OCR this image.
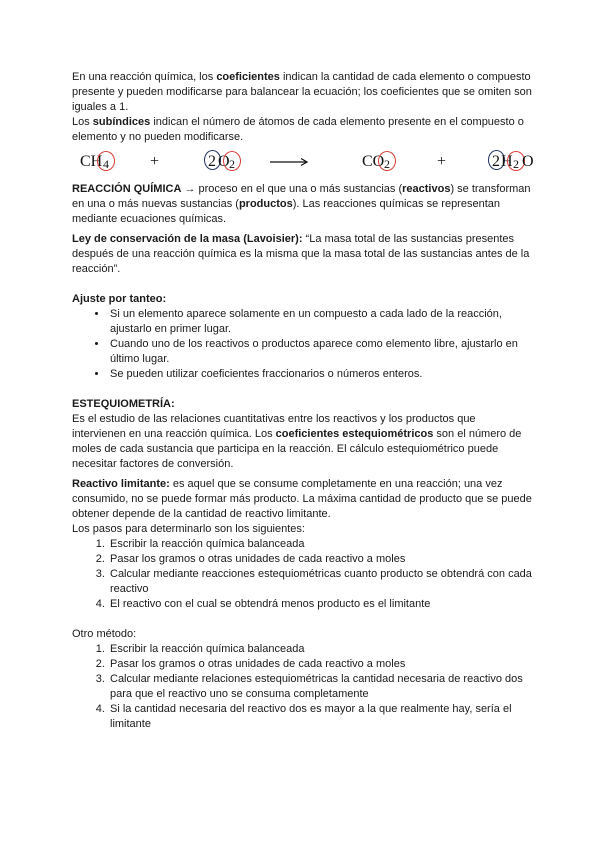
En una reacción química, los coeficientes indican la cantidad de cada elemento o compuesto presente y pueden modificarse para balancear la ecuación; los coeficientes que se omiten son iguales a 1.

Los subíndices indican el número de átomos de cada elemento presente en el compuesto o elemento y no pueden modificarse.

CH 4	+	2 O 2	CO 2	+	2 H 2 O

REACCIÓN QUÍMICA → proceso en el que una o más sustancias (reactivos) se transforman en una o más nuevas sustancias (productos). Las reacciones químicas se representan mediante ecuaciones químicas.

Ley de conservación de la masa (Lavoisier): “La masa total de las sustancias presentes después de una reacción química es la misma que la masa total de las sustancias antes de la reacción”.

Ajuste por tanteo:

• Si un elemento aparece solamente en un compuesto a cada lado de la reacción, ajustarlo en primer lugar.
• Cuando uno de los reactivos o productos aparece como elemento libre, ajustarlo en último lugar.
• Se pueden utilizar coeficientes fraccionarios o números enteros.

ESTEQUIOMETRÍA:

Es el estudio de las relaciones cuantitativas entre los reactivos y los productos que intervienen en una reacción química. Los coeficientes estequiométricos son el número de moles de cada sustancia que participa en la reacción. El cálculo estequiométrico puede necesitar factores de conversión.

Reactivo limitante: es aquel que se consume completamente en una reacción; una vez consumido, no se puede formar más producto. La máxima cantidad de producto que se puede obtener depende de la cantidad de reactivo limitante.

Los pasos para determinarlo son los siguientes:

1. Escribir la reacción química balanceada
2. Pasar los gramos o otras unidades de cada reactivo a moles
3. Calcular mediante reacciones estequiométricas cuanto producto se obtendrá con cada reactivo
4. El reactivo con el cual se obtendrá menos producto es el limitante

Otro método:

1. Escribir la reacción química balanceada
2. Pasar los gramos o otras unidades de cada reactivo a moles
3. Calcular mediante relaciones estequiométricas la cantidad necesaria de reactivo dos para que el reactivo uno se consuma completamente
4. Si la cantidad necesaria del reactivo dos es mayor a la que realmente hay, sería el limitante
